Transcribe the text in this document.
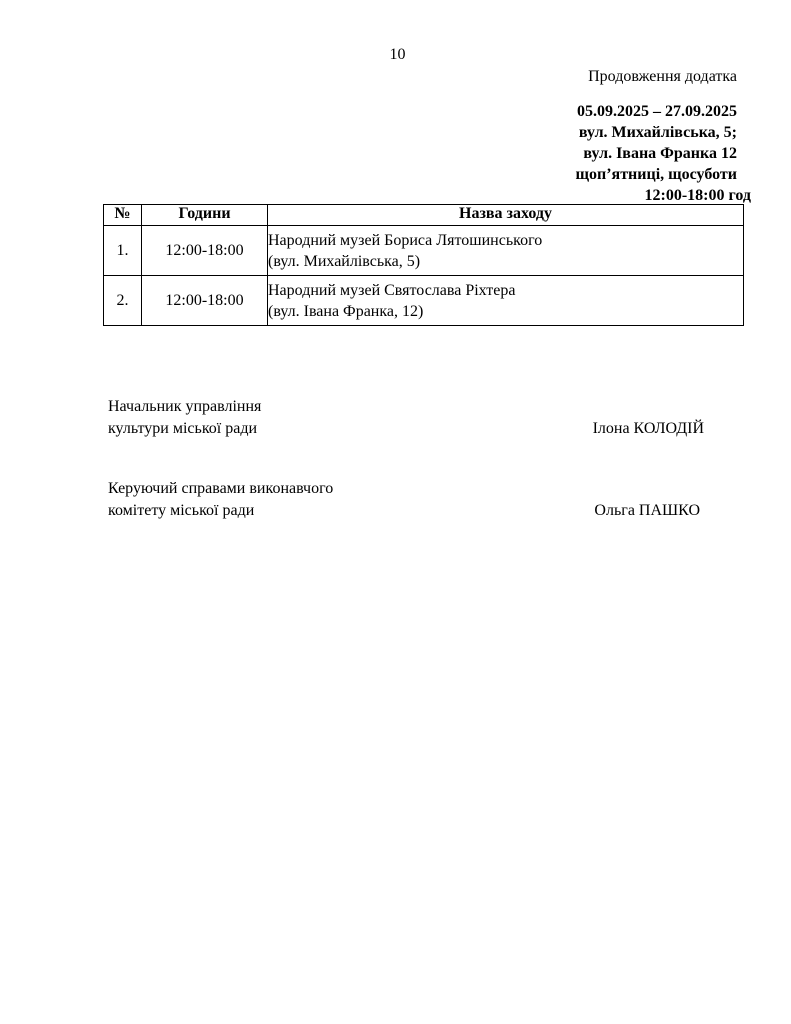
10
Продовження додатка
05.09.2025 – 27.09.2025
вул. Михайлівська, 5;
вул. Івана Франка 12
щоп’ятниці, щосуботи
12:00-18:00 год
№	Години	Назва заходу
1.	12:00-18:00	Народний музей Бориса Лятошинського
(вул. Михайлівська, 5)

2.	12:00-18:00	Народний музей Святослава Ріхтера
(вул. Івана Франка, 12)
Начальник управління
культури міської ради	Ілона КОЛОДІЙ
Керуючий справами виконавчого
комітету міської ради	Ольга ПАШКО
